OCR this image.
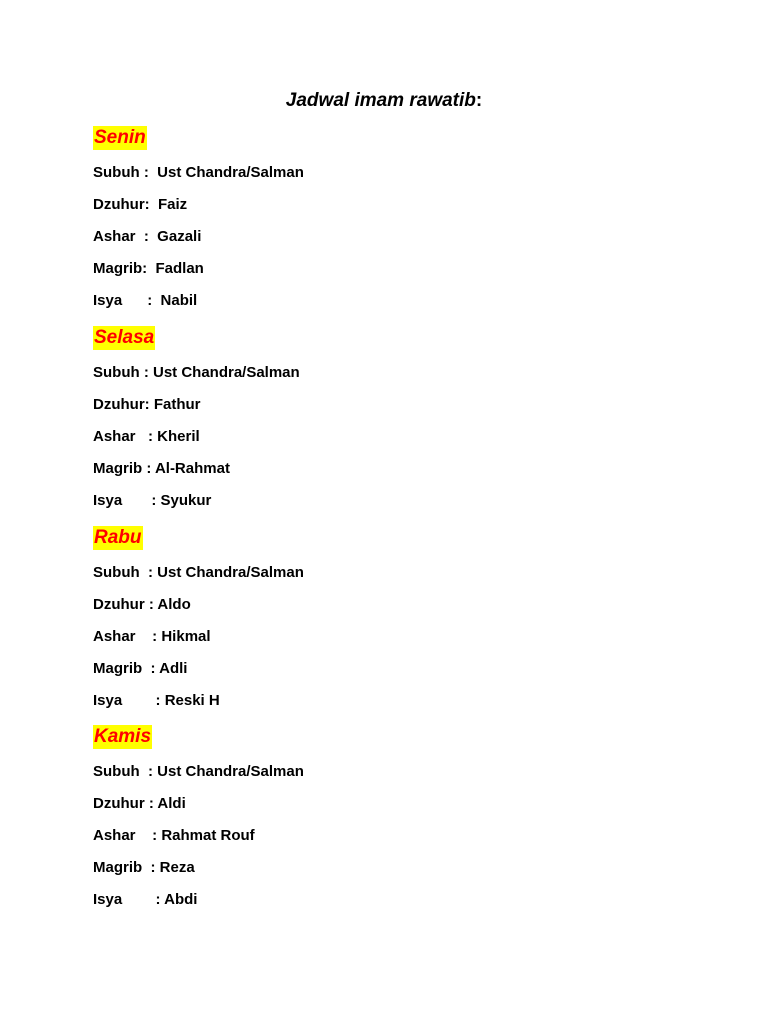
Jadwal imam rawatib:
Senin
Subuh :  Ust Chandra/Salman
Dzuhur:  Faiz
Ashar  :  Gazali
Magrib:  Fadlan
Isya      :  Nabil
Selasa
Subuh : Ust Chandra/Salman
Dzuhur: Fathur
Ashar   : Kheril
Magrib : Al-Rahmat
Isya       : Syukur
Rabu
Subuh  : Ust Chandra/Salman
Dzuhur : Aldo
Ashar    : Hikmal
Magrib  : Adli
Isya        : Reski H
Kamis
Subuh  : Ust Chandra/Salman
Dzuhur : Aldi
Ashar    : Rahmat Rouf
Magrib  : Reza
Isya        : Abdi
